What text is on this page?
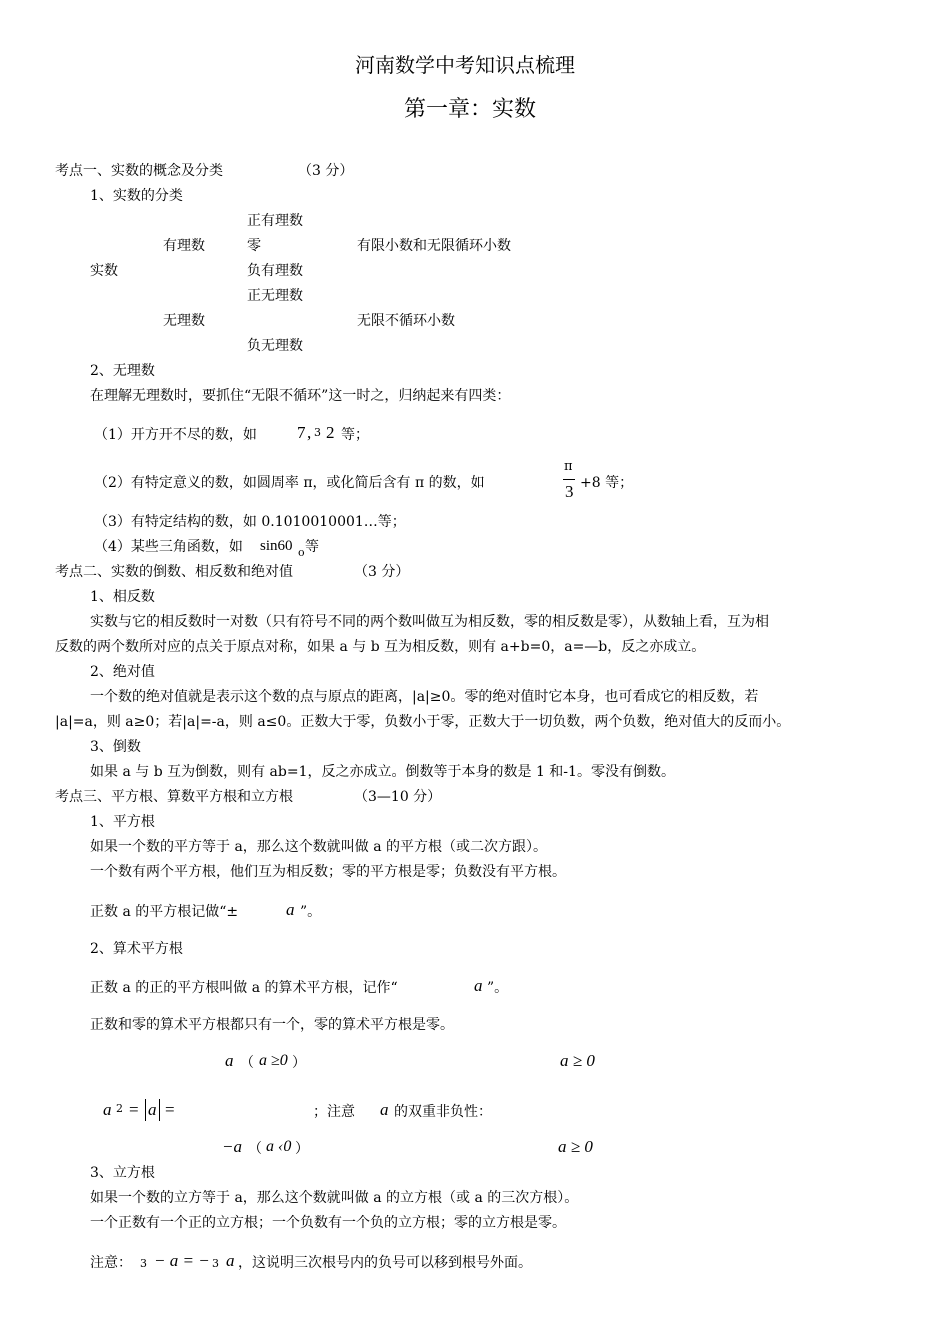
河南数学中考知识点梳理
第一章：实数
考点一、实数的概念及分类	（3 分）
1、实数的分类
正有理数
有理数	零	有限小数和无限循环小数
实数	负有理数
正无理数
无理数	无限不循环小数
负无理数
2、无理数
在理解无理数时，要抓住“无限不循环”这一时之，归纳起来有四类：
（1）开方开不尽的数，如 7 , 3 2 等；
（2）有特定意义的数，如圆周率 π，或化简后含有 π 的数，如
π
3 +8 等；
（3）有特定结构的数，如 0.1010010001…等；
（4）某些三角函数，如 sin60 o 等
考点二、实数的倒数、相反数和绝对值	（3 分）
1、相反数
实数与它的相反数时一对数（只有符号不同的两个数叫做互为相反数，零的相反数是零），从数轴上看，互为相
反数的两个数所对应的点关于原点对称，如果 a 与 b 互为相反数，则有 a+b=0，a=—b，反之亦成立。
2、绝对值
一个数的绝对值就是表示这个数的点与原点的距离，|a|≥0。零的绝对值时它本身，也可看成它的相反数，若
|a|=a，则 a≥0；若|a|=-a，则 a≤0。正数大于零，负数小于零，正数大于一切负数，两个负数，绝对值大的反而小。
3、倒数
如果 a 与 b 互为倒数，则有 ab=1，反之亦成立。倒数等于本身的数是 1 和-1。零没有倒数。
考点三、平方根、算数平方根和立方根	（3—10 分）
1、平方根
如果一个数的平方等于 a，那么这个数就叫做 a 的平方根（或二次方跟）。
一个数有两个平方根，他们互为相反数；零的平方根是零；负数没有平方根。
正数 a 的平方根记做“±	a ”。
2、算术平方根
正数 a 的正的平方根叫做 a 的算术平方根，记作“	a ”。
正数和零的算术平方根都只有一个，零的算术平方根是零。
a （ a ≥0 ）	a ≥ 0
a 2 = a =	；注意 a 的双重非负性：
−a （ a ‹0 ）	a ≥ 0
3、立方根
如果一个数的立方等于 a，那么这个数就叫做 a 的立方根（或 a 的三次方根）。
一个正数有一个正的立方根；一个负数有一个负的立方根；零的立方根是零。
注意： 3 − a = − 3 a ，这说明三次根号内的负号可以移到根号外面。
